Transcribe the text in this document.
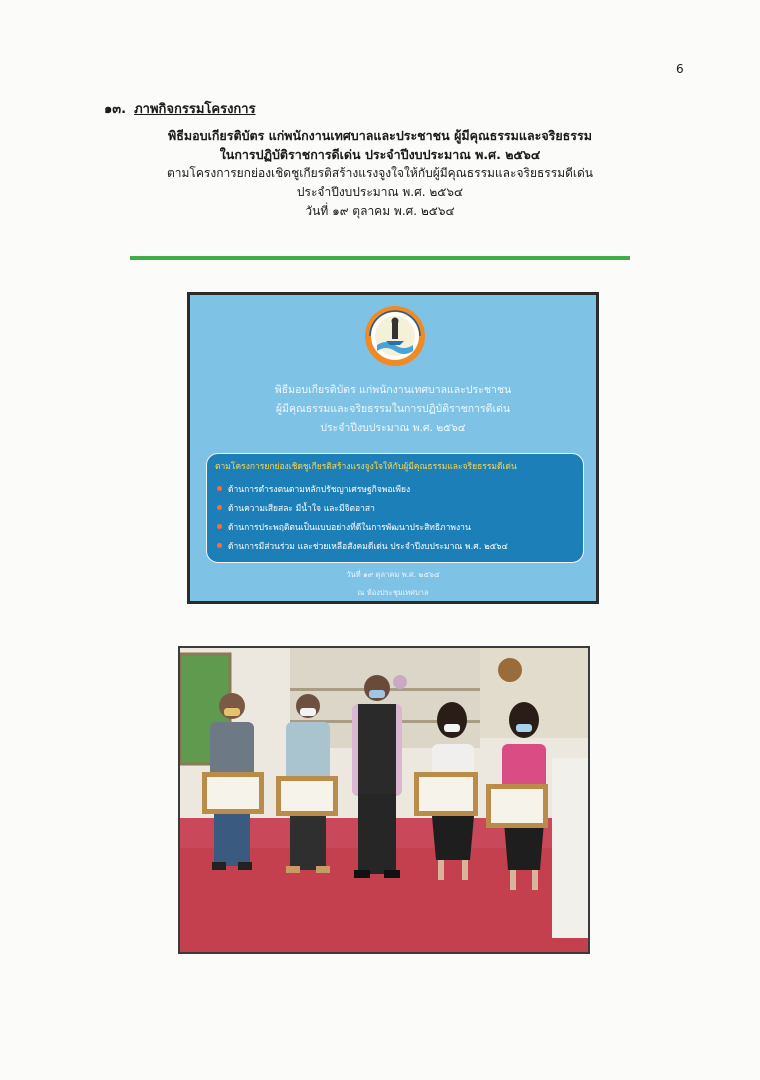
6
๑๓. ภาพกิจกรรมโครงการ
พิธีมอบเกียรติบัตร แก่พนักงานเทศบาลและประชาชน ผู้มีคุณธรรมและจริยธรรม
ในการปฏิบัติราชการดีเด่น ประจำปีงบประมาณ พ.ศ. ๒๕๖๔
ตามโครงการยกย่องเชิดชูเกียรติสร้างแรงจูงใจให้กับผู้มีคุณธรรมและจริยธรรมดีเด่น
ประจำปีงบประมาณ พ.ศ. ๒๕๖๔
วันที่ ๑๙ ตุลาคม พ.ศ. ๒๕๖๔
พิธีมอบเกียรติบัตร แก่พนักงานเทศบาลและประชาชน
ผู้มีคุณธรรมและจริยธรรมในการปฏิบัติราชการดีเด่น
ประจำปีงบประมาณ พ.ศ. ๒๕๖๔
ตามโครงการยกย่องเชิดชูเกียรติสร้างแรงจูงใจให้กับผู้มีคุณธรรมและจริยธรรมดีเด่น
ด้านการดำรงตนตามหลักปรัชญาเศรษฐกิจพอเพียง
ด้านความเสียสละ มีน้ำใจ และมีจิตอาสา
ด้านการประพฤติตนเป็นแบบอย่างที่ดีในการพัฒนาประสิทธิภาพงาน
ด้านการมีส่วนร่วม และช่วยเหลือสังคมดีเด่น ประจำปีงบประมาณ พ.ศ. ๒๕๖๔
วันที่ ๑๙ ตุลาคม พ.ศ. ๒๕๖๔
ณ ห้องประชุมเทศบาล
